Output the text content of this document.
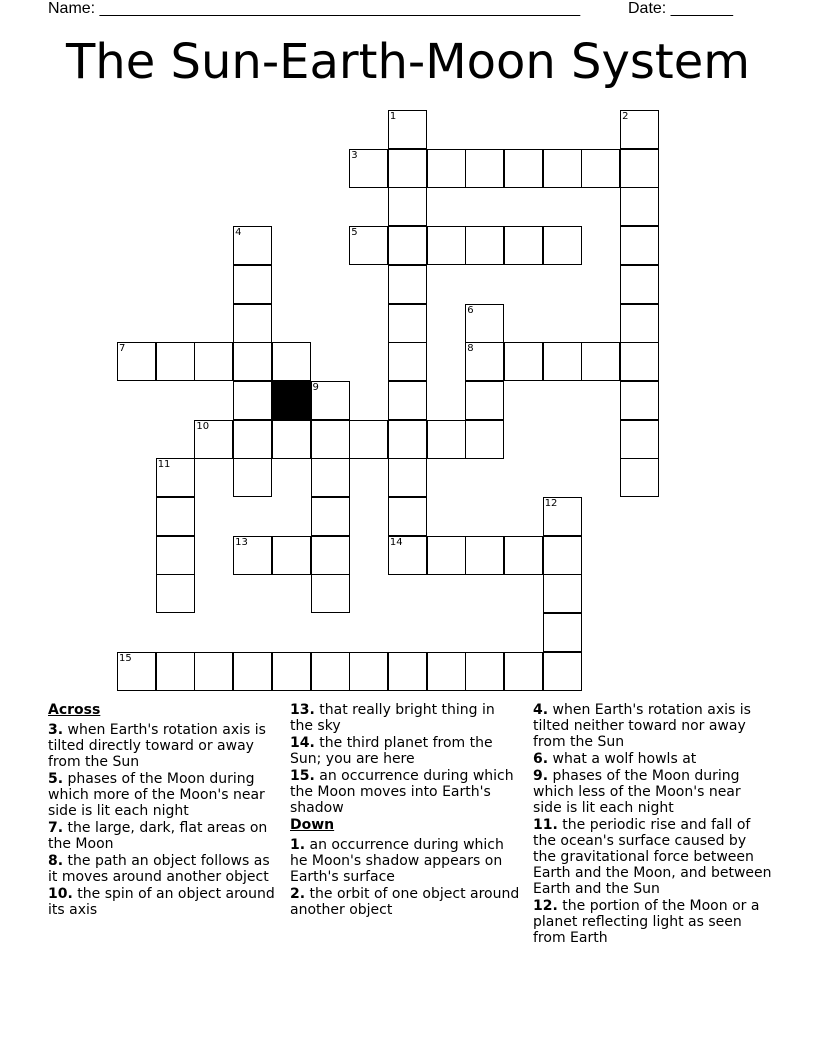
Name: ______________________________________________________	Date: _______
The Sun-Earth-Moon System
1	2
3
4	5
6
7	8
9
10
11
12
13	14
15
Across
3. when Earth's rotation axis is tilted directly toward or away from the Sun
5. phases of the Moon during which more of the Moon's near side is lit each night
7. the large, dark, flat areas on the Moon
8. the path an object follows as it moves around another object
10. the spin of an object around its axis
13. that really bright thing in the sky
14. the third planet from the Sun; you are here
15. an occurrence during which the Moon moves into Earth's shadow
Down
1. an occurrence during which he Moon's shadow appears on Earth's surface
2. the orbit of one object around another object
4. when Earth's rotation axis is tilted neither toward nor away from the Sun
6. what a wolf howls at
9. phases of the Moon during which less of the Moon's near side is lit each night
11. the periodic rise and fall of the ocean's surface caused by the gravitational force between Earth and the Moon, and between Earth and the Sun
12. the portion of the Moon or a planet reflecting light as seen from Earth
